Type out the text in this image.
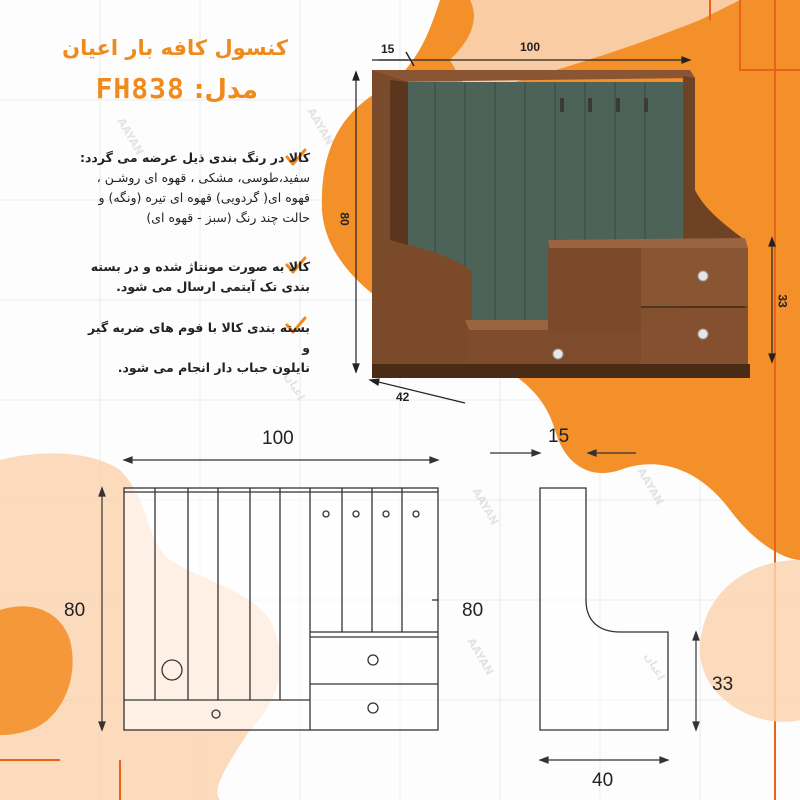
AAYAN	AAYAN
اعیان
AAYAN	AAYAN
AAYAN	اعیان
کنسول کافه بار اعیان
مدل: FH838
کالا در رنگ بندی ذیل عرضه می گردد:
سفید،طوسی، مشکی ، قهوه ای روشـن ،
قهوه ای( گردویی) قهوه ای تیره (ونگه) و
حالت چند رنگ (سبز - قهوه ای)
کالا به صورت مونتاژ شده و در بسته
بندی تک آیتمی ارسال می شود.
بسته بندی کالا با فوم های ضربه گیر و
نایلون حباب دار انجام می شود.
100
15
80
42
33
100
80
15
80
33
40
